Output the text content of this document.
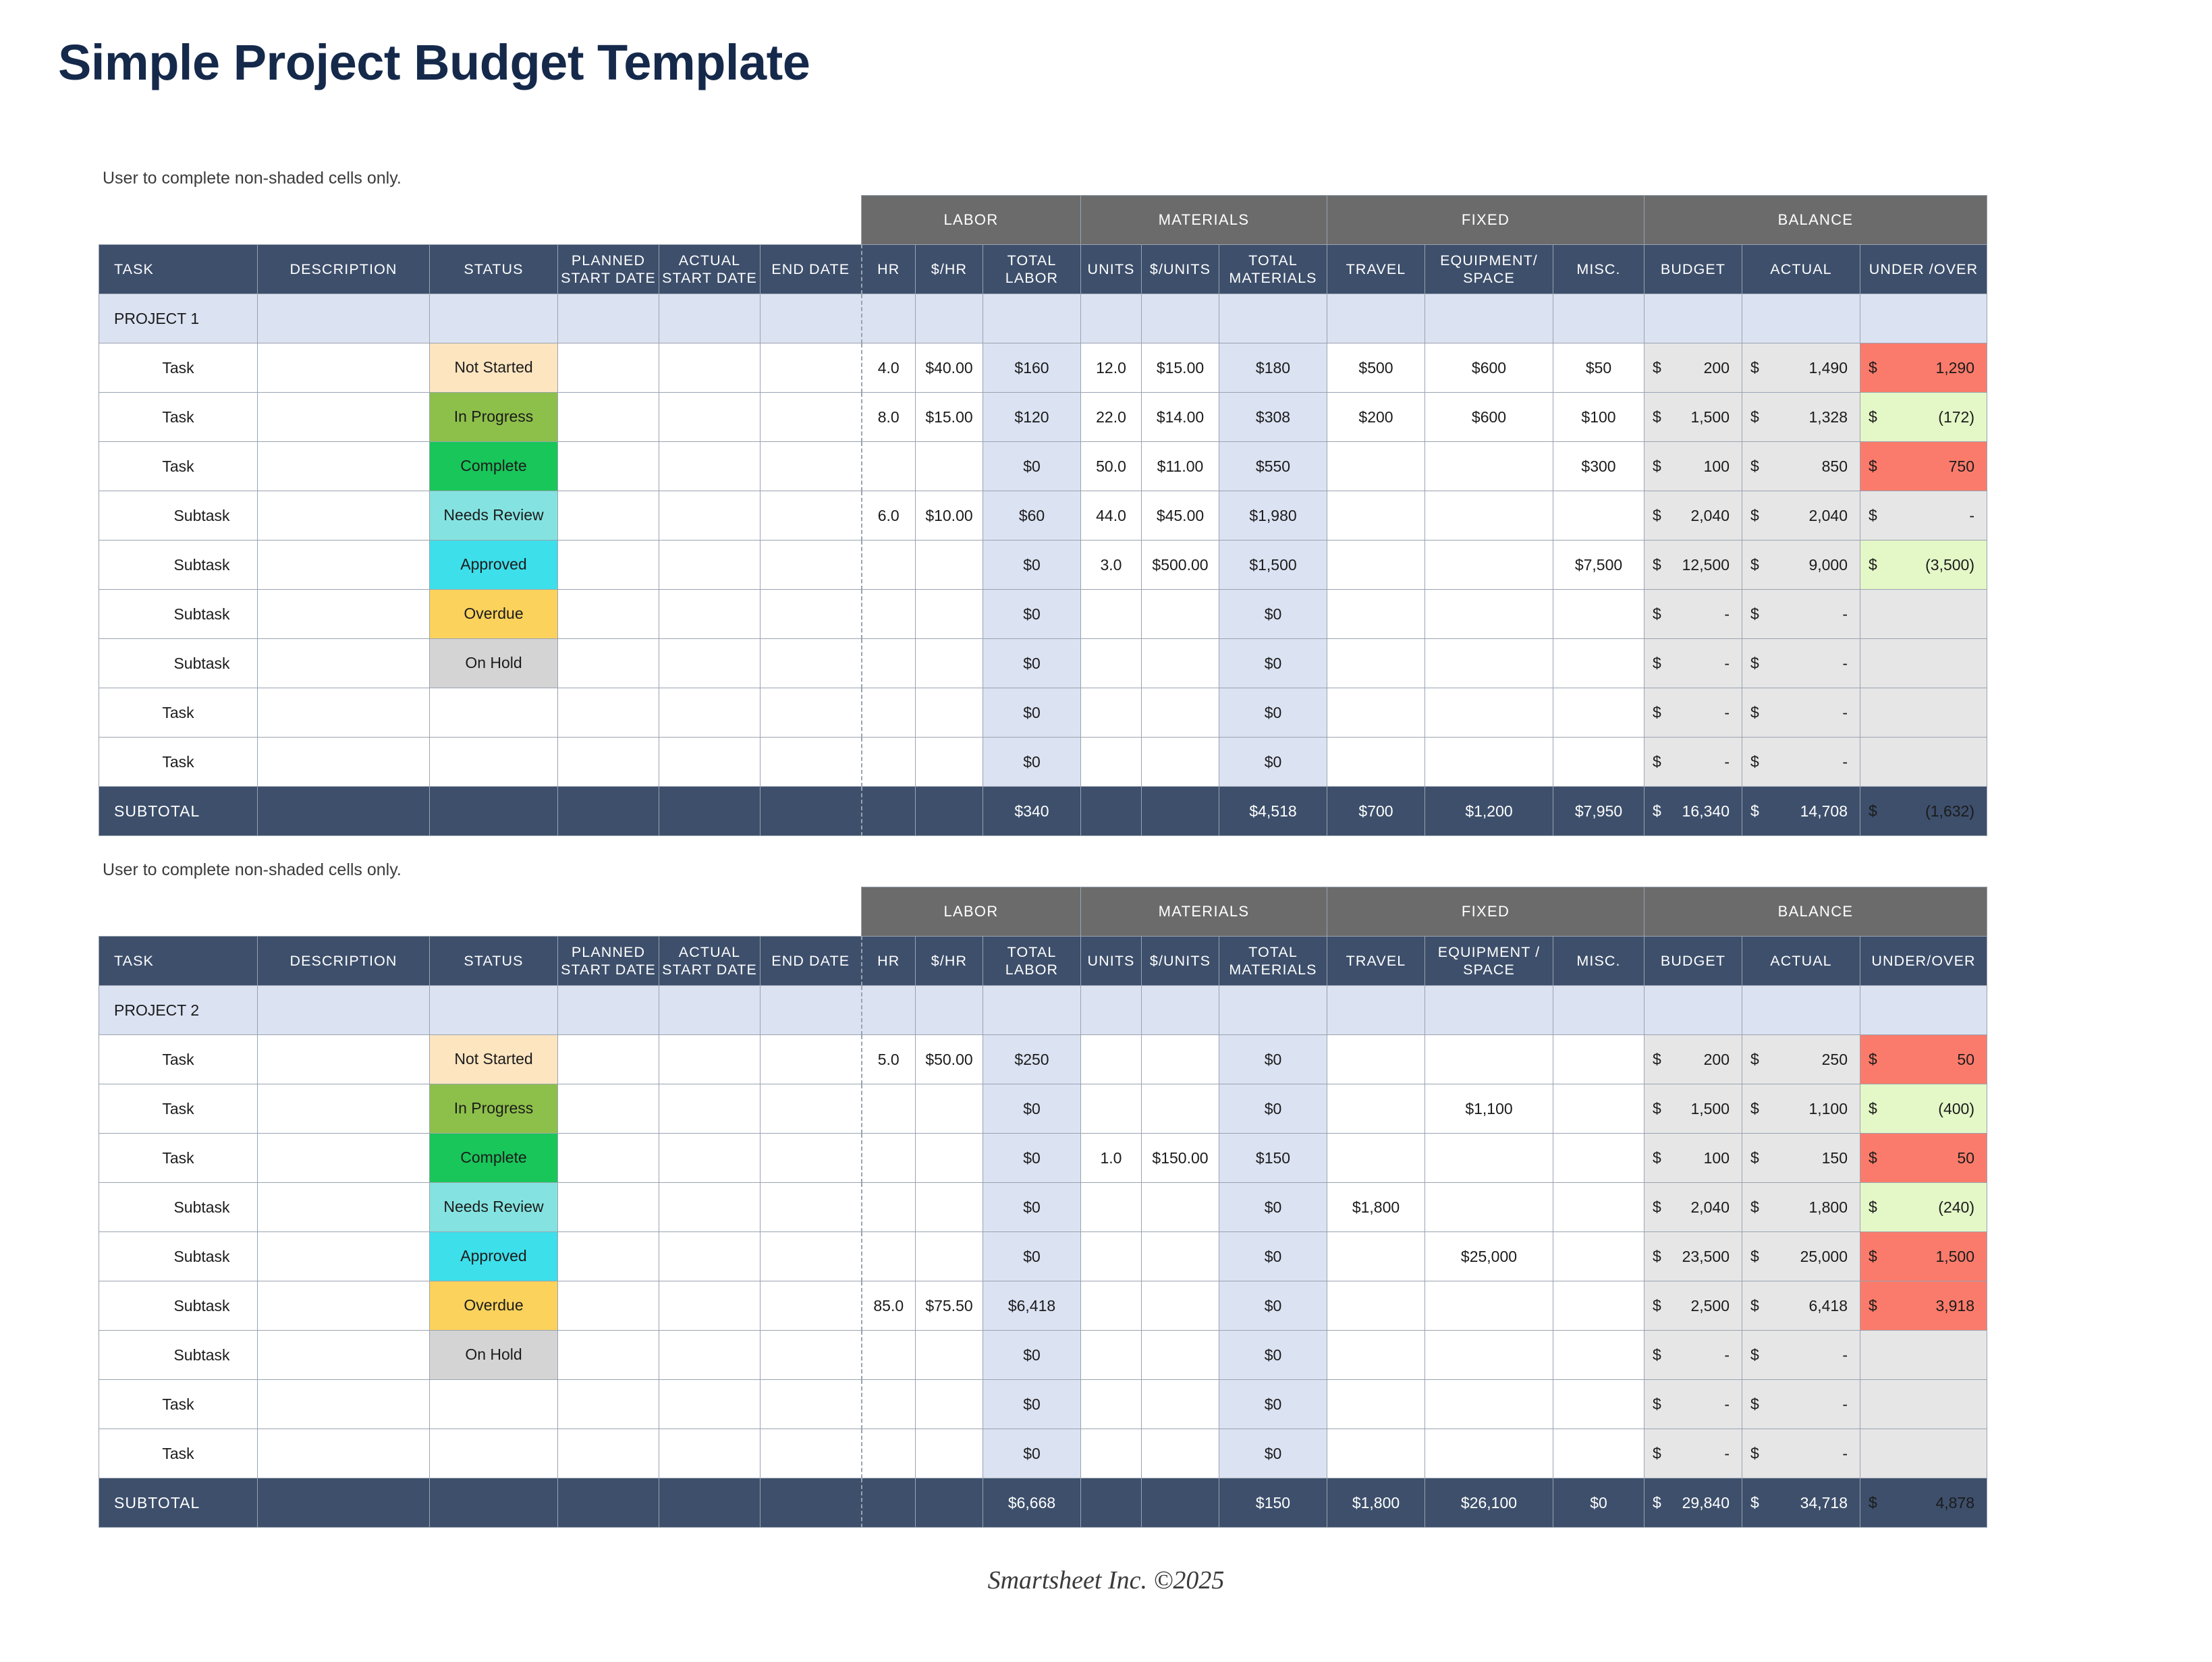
Simple Project Budget Template
User to complete non-shaded cells only.
						LABOR			MATERIALS			FIXED			BALANCE		
TASK	DESCRIPTION	STATUS	PLANNED START DATE	ACTUAL START DATE	END DATE	HR	$/HR	TOTAL LABOR	UNITS	$/UNITS	TOTAL MATERIALS	TRAVEL	EQUIPMENT/ SPACE	MISC.	BUDGET	ACTUAL	UNDER /OVER
PROJECT 1																	
Task		Not Started				4.0	$40.00	$160	12.0	$15.00	$180	$500	$600	$50	$ 200	$ 1,490	$ 1,290

Task		In Progress				8.0	$15.00	$120	22.0	$14.00	$308	$200	$600	$100	$ 1,500	$ 1,328	$ (172)

Task		Complete						$0	50.0	$11.00	$550			$300	$ 100	$ 850	$ 750

Subtask		Needs Review				6.0	$10.00	$60	44.0	$45.00	$1,980				$ 2,040	$ 2,040	$ -

Subtask		Approved						$0	3.0	$500.00	$1,500			$7,500	$ 12,500	$ 9,000	$ (3,500)

Subtask		Overdue						$0			$0				$ -	$ -	

Subtask		On Hold						$0			$0				$ -	$ -	

Task								$0			$0				$ -	$ -	

Task								$0			$0				$ -	$ -	

SUBTOTAL								$340			$4,518	$700	$1,200	$7,950	$ 16,340	$ 14,708	$ (1,632)
User to complete non-shaded cells only.
						LABOR			MATERIALS			FIXED			BALANCE		
TASK	DESCRIPTION	STATUS	PLANNED START DATE	ACTUAL START DATE	END DATE	HR	$/HR	TOTAL LABOR	UNITS	$/UNITS	TOTAL MATERIALS	TRAVEL	EQUIPMENT / SPACE	MISC.	BUDGET	ACTUAL	UNDER/OVER
PROJECT 2																	
Task		Not Started				5.0	$50.00	$250			$0				$ 200	$ 250	$ 50

Task		In Progress						$0			$0		$1,100		$ 1,500	$ 1,100	$ (400)

Task		Complete						$0	1.0	$150.00	$150				$ 100	$ 150	$ 50

Subtask		Needs Review						$0			$0	$1,800			$ 2,040	$ 1,800	$ (240)

Subtask		Approved						$0			$0		$25,000		$ 23,500	$ 25,000	$ 1,500

Subtask		Overdue				85.0	$75.50	$6,418			$0				$ 2,500	$ 6,418	$ 3,918

Subtask		On Hold						$0			$0				$ -	$ -	

Task								$0			$0				$ -	$ -	

Task								$0			$0				$ -	$ -	

SUBTOTAL								$6,668			$150	$1,800	$26,100	$0	$ 29,840	$ 34,718	$ 4,878
Smartsheet Inc. ©2025
